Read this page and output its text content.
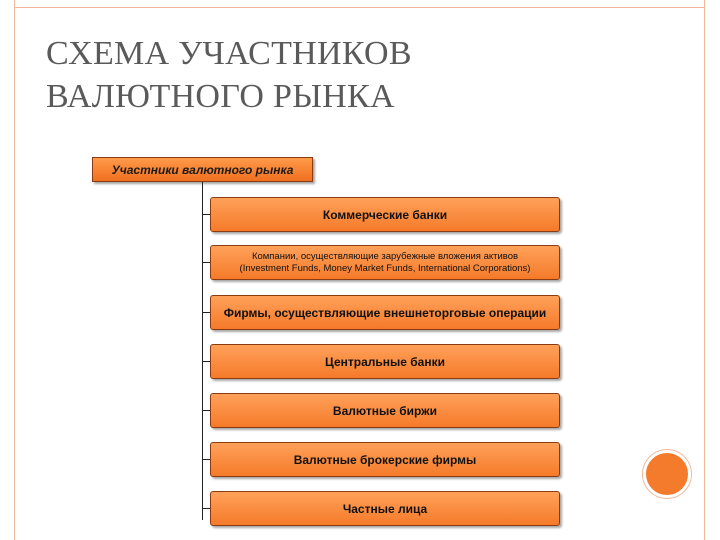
СХЕМА УЧАСТНИКОВ
ВАЛЮТНОГО РЫНКА
Участники валютного рынка
Коммерческие банки
Компании, осуществляющие зарубежные вложения активов
(Investment Funds, Money Market Funds, International Corporations)
Фирмы, осуществляющие внешнеторговые операции
Центральные банки
Валютные биржи
Валютные брокерские фирмы
Частные лица
